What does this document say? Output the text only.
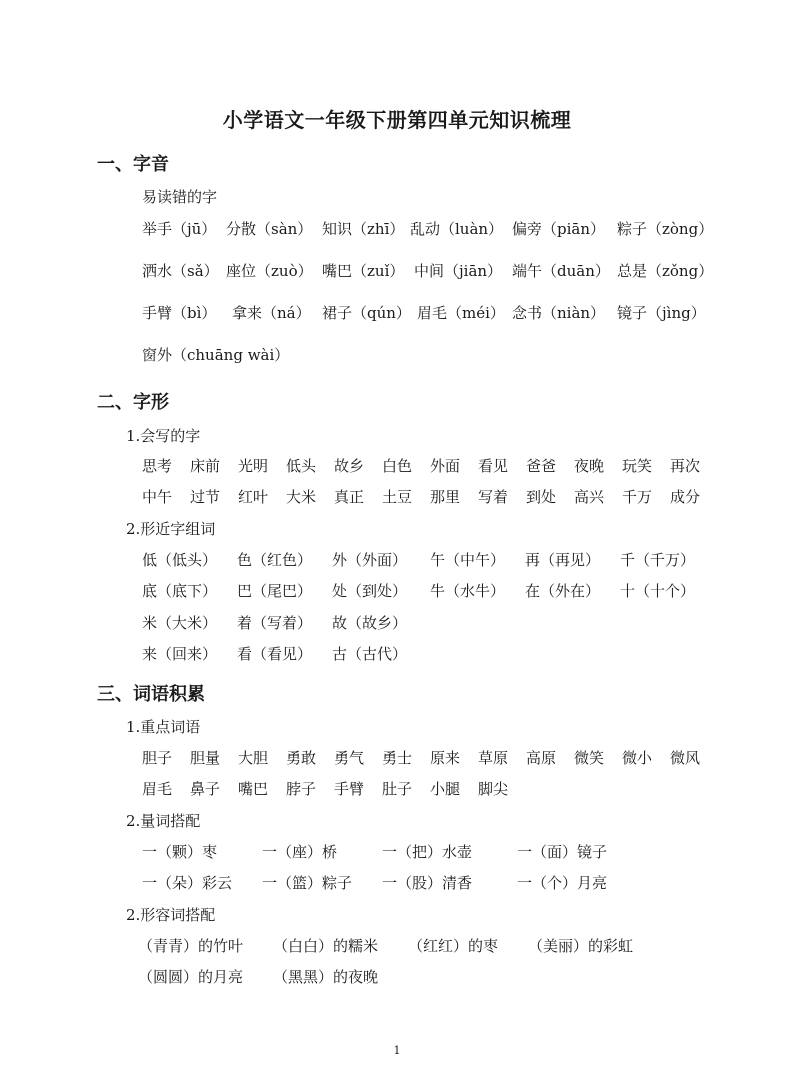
小学语文一年级下册第四单元知识梳理
一、字音
易读错的字
举手（jū） 分散（sàn） 知识（zhī） 乱动（luàn） 偏旁（piān） 粽子（zòng）
洒水（sǎ） 座位（zuò） 嘴巴（zuǐ） 中间（jiān） 端午（duān） 总是（zǒng）
手臂（bì） 拿来（ná） 裙子（qún） 眉毛（méi） 念书（niàn） 镜子（jìng）
窗外（chuāng wài）
二、字形
1.会写的字
思考 床前 光明 低头 故乡 白色 外面 看见 爸爸 夜晚 玩笑 再次
中午 过节 红叶 大米 真正 土豆 那里 写着 到处 高兴 千万 成分
2.形近字组词
低（低头） 色（红色） 外（外面） 午（中午） 再（再见） 千（千万）
底（底下） 巴（尾巴） 处（到处） 牛（水牛） 在（外在） 十（十个）
米（大米） 着（写着） 故（故乡）
来（回来） 看（看见） 古（古代）
三、词语积累
1.重点词语
胆子 胆量 大胆 勇敢 勇气 勇士 原来 草原 高原 微笑 微小 微风
眉毛 鼻子 嘴巴 脖子 手臂 肚子 小腿 脚尖
2.量词搭配
一（颗）枣	一（座）桥	一（把）水壶	一（面）镜子
一（朵）彩云 一（篮）粽子 一（股）清香	一（个）月亮
2.形容词搭配
（青青）的竹叶 （白白）的糯米 （红红）的枣 （美丽）的彩虹
（圆圆）的月亮 （黑黑）的夜晚
1
